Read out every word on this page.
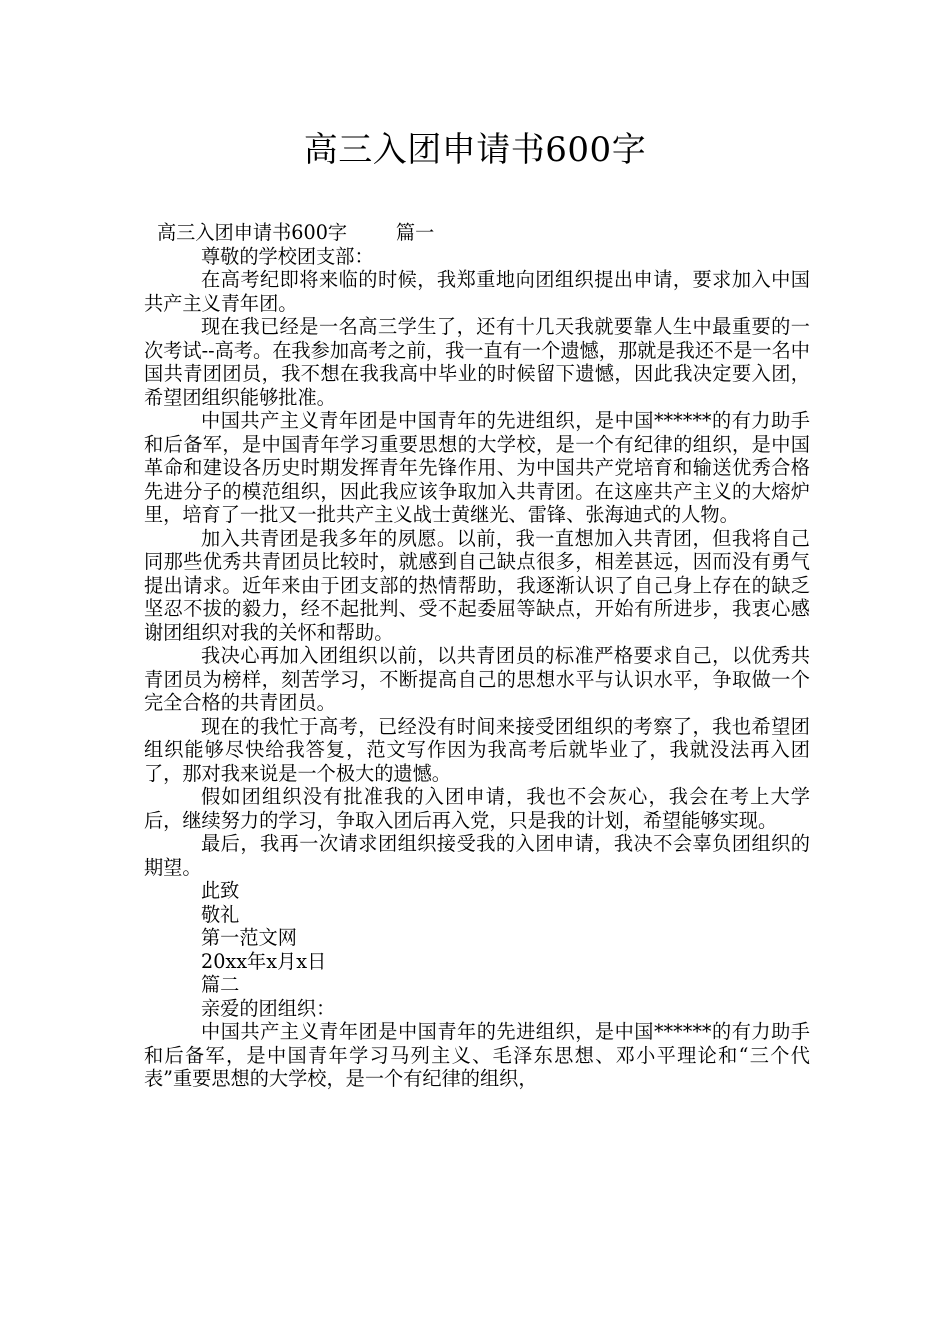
高三入团申请书600字

高三入团申请书600字        篇一

尊敬的学校团支部：

在高考纪即将来临的时候，我郑重地向团组织提出申请，要求加入中国共产主义青年团。

现在我已经是一名高三学生了，还有十几天我就要靠人生中最重要的一次考试--高考。在我参加高考之前，我一直有一个遗憾，那就是我还不是一名中国共青团团员，我不想在我我高中毕业的时候留下遗憾，因此我决定要入团，希望团组织能够批准。

中国共产主义青年团是中国青年的先进组织，是中国******的有力助手和后备军，是中国青年学习重要思想的大学校，是一个有纪律的组织，是中国革命和建设各历史时期发挥青年先锋作用、为中国共产党培育和输送优秀合格先进分子的模范组织，因此我应该争取加入共青团。在这座共产主义的大熔炉里，培育了一批又一批共产主义战士黄继光、雷锋、张海迪式的人物。

加入共青团是我多年的夙愿。以前，我一直想加入共青团，但我将自己同那些优秀共青团员比较时，就感到自己缺点很多，相差甚远，因而没有勇气提出请求。近年来由于团支部的热情帮助，我逐渐认识了自己身上存在的缺乏坚忍不拔的毅力，经不起批判、受不起委屈等缺点，开始有所进步，我衷心感谢团组织对我的关怀和帮助。

我决心再加入团组织以前，以共青团员的标准严格要求自己，以优秀共青团员为榜样，刻苦学习，不断提高自己的思想水平与认识水平，争取做一个完全合格的共青团员。

现在的我忙于高考，已经没有时间来接受团组织的考察了，我也希望团组织能够尽快给我答复，范文写作因为我高考后就毕业了，我就没法再入团了，那对我来说是一个极大的遗憾。

假如团组织没有批准我的入团申请，我也不会灰心，我会在考上大学后，继续努力的学习，争取入团后再入党，只是我的计划，希望能够实现。

最后，我再一次请求团组织接受我的入团申请，我决不会辜负团组织的期望。

此致

敬礼

第一范文网

20xx年x月x日

篇二

亲爱的团组织：

中国共产主义青年团是中国青年的先进组织，是中国******的有力助手和后备军，是中国青年学习马列主义、毛泽东思想、邓小平理论和“三个代表”重要思想的大学校，是一个有纪律的组织，
